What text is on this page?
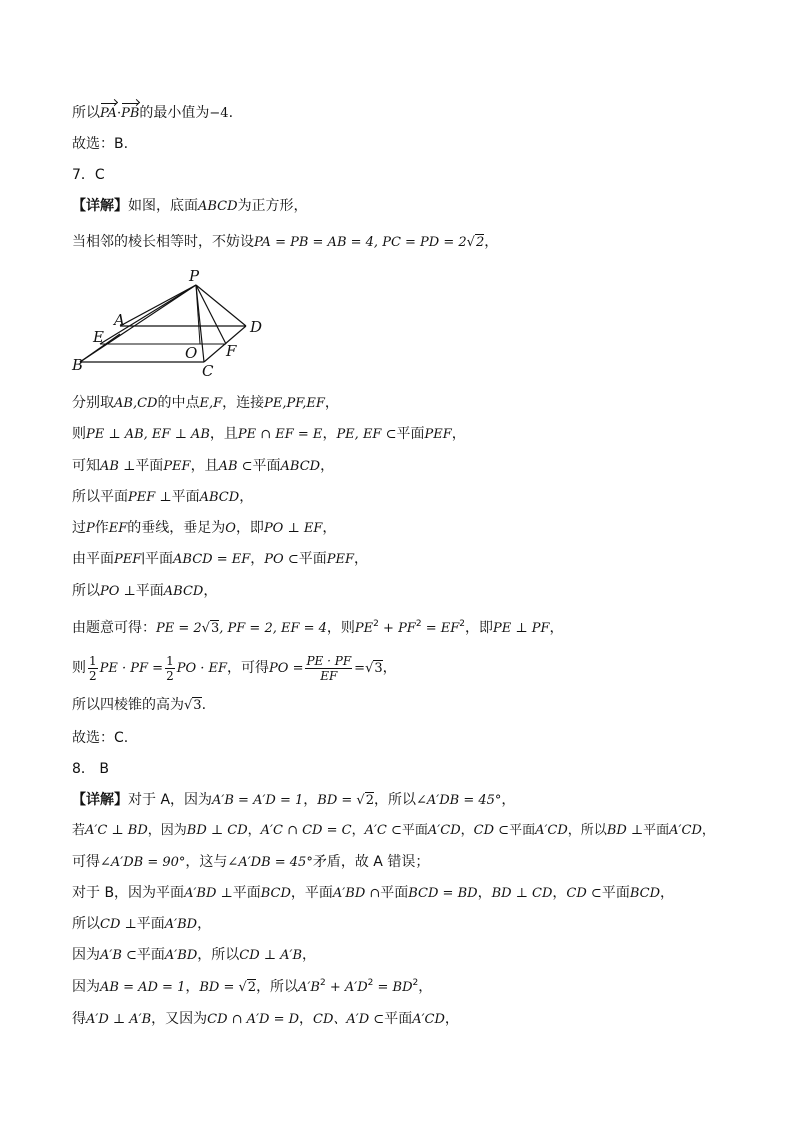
所以PA·PB的最小值为−4.
故选：B.
7．C
【详解】如图，底面ABCD为正方形，
当相邻的棱长相等时，不妨设PA = PB = AB = 4, PC = PD = 2√2，
P
A	D
E
O F
B	C
分别取AB,CD的中点E,F，连接PE,PF,EF，
则PE ⊥ AB, EF ⊥ AB，且PE ∩ EF = E，PE, EF ⊂平面PEF，
可知AB ⊥平面PEF，且AB ⊂平面ABCD，
所以平面PEF ⊥平面ABCD，
过P作EF的垂线，垂足为O，即PO ⊥ EF，
由平面PEF∣平面ABCD = EF，PO ⊂平面PEF，
所以PO ⊥平面ABCD，
由题意可得：PE = 2√3, PF = 2, EF = 4，则$PE^2 + PF^2 = EF^2$，即PE ⊥ PF，
则 $\frac{1}{2}$ PE · PF = $\frac{1}{2}$ PO · EF，可得PO = $\frac{PE \cdot PF}{EF} =√3$，
所以四棱锥的高为√3.
故选：C.
8． B
【详解】对于 A，因为A′B = A′D = 1，BD = √2，所以∠A′DB = 45°，
若A′C ⊥ BD，因为BD ⊥ CD，A′C ∩ CD = C，A′C ⊂平面A′CD，CD ⊂平面A′CD，所以BD ⊥平面A′CD，
可得∠A′DB = 90°，这与∠A′DB = 45°矛盾，故 A 错误；
对于 B，因为平面A′BD ⊥平面BCD，平面A′BD ∩平面BCD = BD，BD ⊥ CD，CD ⊂平面BCD，
所以CD ⊥平面A′BD，
因为A′B ⊂平面A′BD，所以CD ⊥ A′B，
因为AB = AD = 1，BD = √2，所以$A'B^2 + A'D^2 = BD^2$，
得A′D ⊥ A′B，又因为CD ∩ A′D = D，CD、A′D ⊂平面A′CD，
